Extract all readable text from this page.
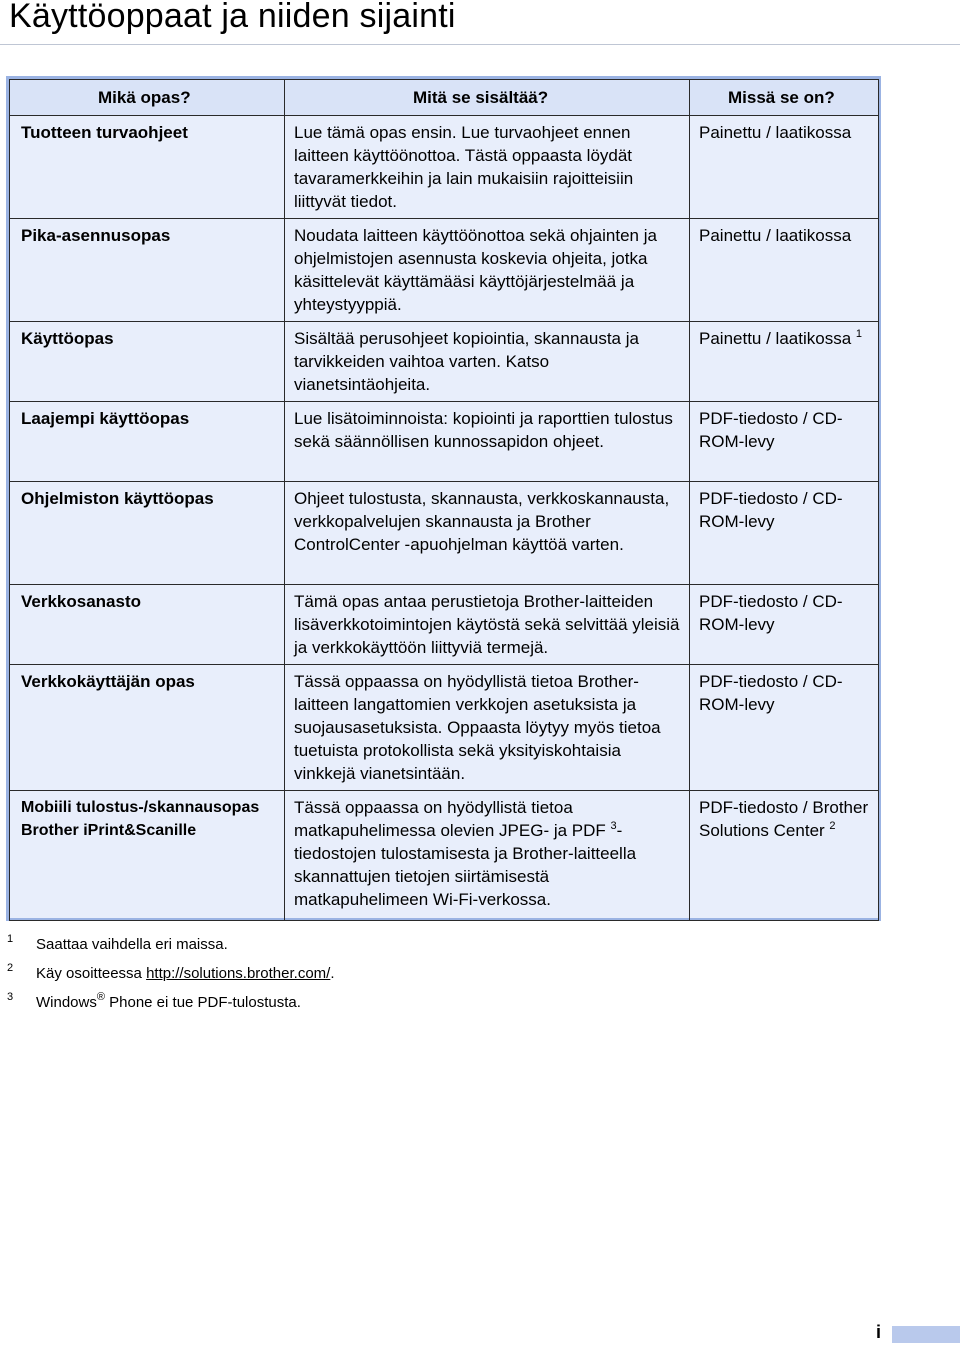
Käyttöoppaat ja niiden sijainti
Mikä opas?	Mitä se sisältää?	Missä se on?
Tuotteen turvaohjeet	Lue tämä opas ensin. Lue turvaohjeet ennen laitteen käyttöönottoa. Tästä oppaasta löydät tavaramerkkeihin ja lain mukaisiin rajoitteisiin liittyvät tiedot.	Painettu / laatikossa
Pika-asennusopas	Noudata laitteen käyttöönottoa sekä ohjainten ja ohjelmistojen asennusta koskevia ohjeita, jotka käsittelevät käyttämääsi käyttöjärjestelmää ja yhteystyyppiä.	Painettu / laatikossa
Käyttöopas	Sisältää perusohjeet kopiointia, skannausta ja tarvikkeiden vaihtoa varten. Katso vianetsintäohjeita.	Painettu / laatikossa $^1$
Laajempi käyttöopas	Lue lisätoiminnoista: kopiointi ja raporttien tulostus sekä säännöllisen kunnossapidon ohjeet.	PDF-tiedosto / CD-ROM-levy
Ohjelmiston käyttöopas	Ohjeet tulostusta, skannausta, verkkoskannausta, verkkopalvelujen skannausta ja Brother ControlCenter -apuohjelman käyttöä varten.	PDF-tiedosto / CD-ROM-levy
Verkkosanasto	Tämä opas antaa perustietoja Brother-laitteiden lisäverkkotoimintojen käytöstä sekä selvittää yleisiä ja verkkokäyttöön liittyviä termejä.	PDF-tiedosto / CD-ROM-levy
Verkkokäyttäjän opas	Tässä oppaassa on hyödyllistä tietoa Brother-laitteen langattomien verkkojen asetuksista ja suojausasetuksista. Oppaasta löytyy myös tietoa tuetuista protokollista sekä yksityiskohtaisia vinkkejä vianetsintään.	PDF-tiedosto / CD-ROM-levy
Mobiili tulostus-/skannausopas Brother iPrint&Scanille	Tässä oppaassa on hyödyllistä tietoa matkapuhelimessa olevien JPEG- ja PDF $^3$-tiedostojen tulostamisesta ja Brother-laitteella skannattujen tietojen siirtämisestä matkapuhelimeen Wi-Fi-verkossa.	PDF-tiedosto / Brother Solutions Center $^2$
1 Saattaa vaihdella eri maissa.
2 Käy osoitteessa http://solutions.brother.com/.
3 Windows® Phone ei tue PDF-tulostusta.
i
